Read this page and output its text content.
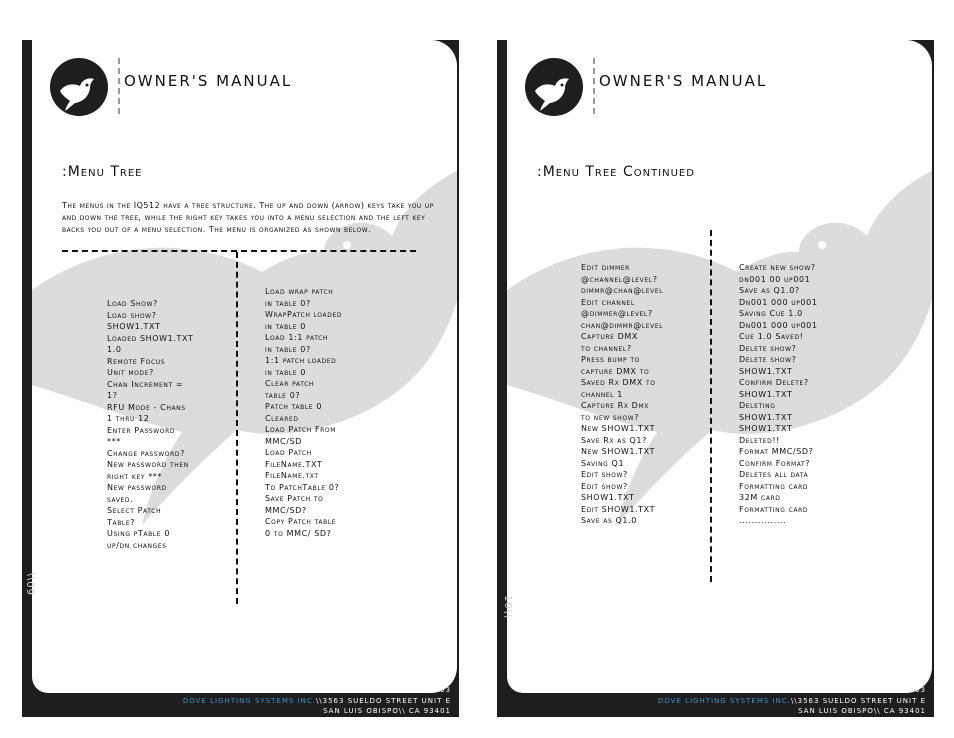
OWNER'S MANUAL
:Menu Tree
The menus in the IQ512 have a tree structure. The up and down (arrow) keys take you up and down the tree, while the right key takes you into a menu selection and the left key backs you out of a menu selection. The menu is organized as shown below.
Load Show?
Load show?
SHOW1.TXT
Loaded SHOW1.TXT
1.0
Remote Focus
Unit mode?
Chan Increment =
1?
RFU Mode - Chans
1 thru 12
Enter Password
***
Change password?
New password then
right key ***
New password
saved.
Select Patch
Table?
Using pTable 0
up/dn changes
Load wrap patch
in table 0?
WrapPatch loaded
in table 0
Load 1:1 patch
in table 0?
1:1 patch loaded
in table 0
Clear patch
table 0?
Patch table 0
Cleared
Load Patch From
MMC/SD
Load Patch
FileName.TXT
FileName.txt
To PatchTable 0?
Save Patch to
MMC/SD?
Copy Patch table
0 to MMC/ SD?
60\\
805.541.8292\\805.541.8293
DOVE LIGHTING SYSTEMS INC.\\3563 SUELDO STREET UNIT E
SAN LUIS OBISPO\\ CA 93401
OWNER'S MANUAL
:Menu Tree Continued
Edit dimmer
@channel@level?
dimmr@chan@level
Edit channel
@dimmer@level?
chan@dimmr@level
Capture DMX
to channel?
Press bump to
capture DMX to
Saved Rx DMX to
channel 1
Capture Rx Dmx
to new show?
New SHOW1.TXT
Save Rx as Q1?
New SHOW1.TXT
Saving Q1
Edit show?
Edit show?
SHOW1.TXT
Edit SHOW1.TXT
Save as Q1.0
Create new show?
dn001 00 up001
Save as Q1.0?
Dn001 000 up001
Saving Cue 1.0
Dn001 000 up001
Cue 1.0 Saved!
Delete show?
Delete show?
SHOW1.TXT
Confirm Delete?
SHOW1.TXT
Deleting
SHOW1.TXT
SHOW1.TXT
Deleted!!
Format MMC/SD?
Confirm Format?
Deletes all data
Formatting card
32M card
Formatting card
...............
10\\
805.541.8292\\805.541.8293
DOVE LIGHTING SYSTEMS INC.\\3563 SUELDO STREET UNIT E
SAN LUIS OBISPO\\ CA 93401
